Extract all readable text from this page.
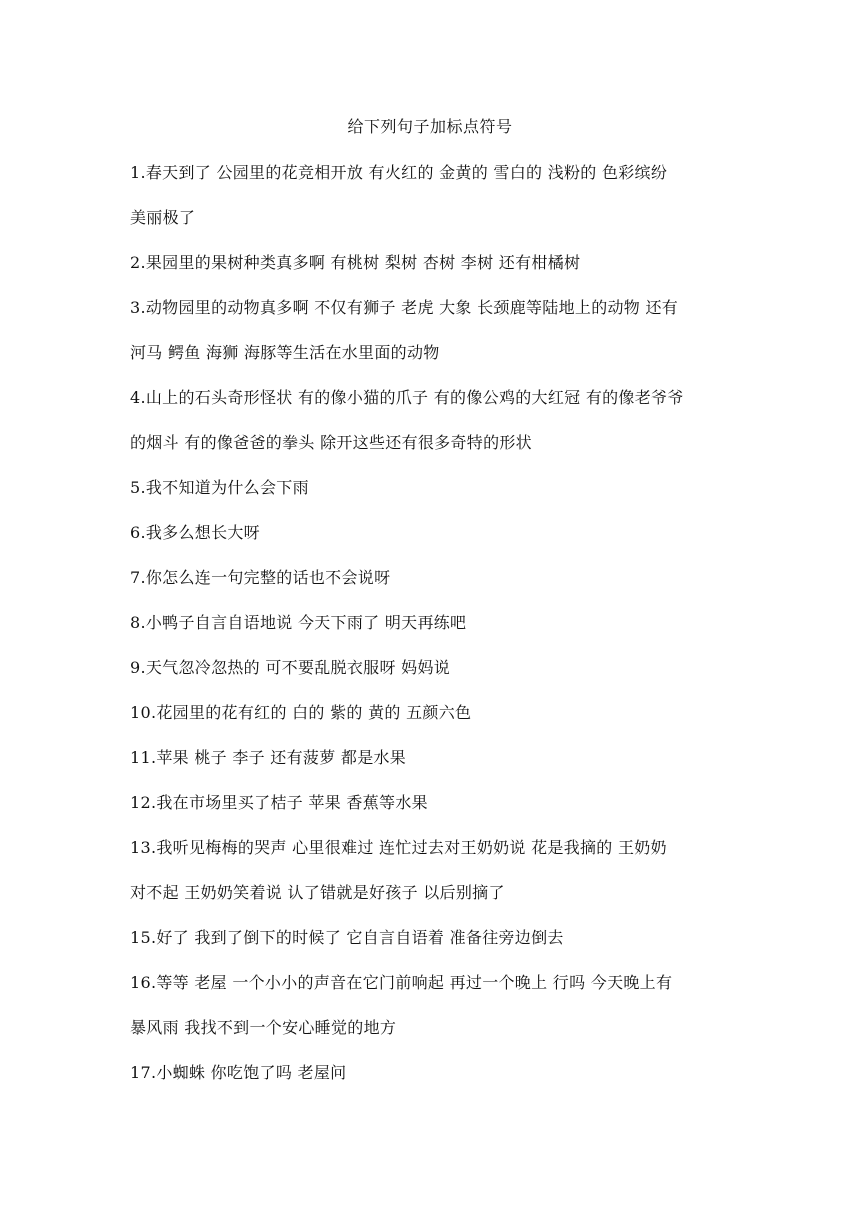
给下列句子加标点符号
1.春天到了 公园里的花竞相开放 有火红的 金黄的 雪白的 浅粉的 色彩缤纷
美丽极了
2.果园里的果树种类真多啊 有桃树 梨树 杏树 李树 还有柑橘树
3.动物园里的动物真多啊 不仅有狮子 老虎 大象 长颈鹿等陆地上的动物 还有
河马 鳄鱼 海狮 海豚等生活在水里面的动物
4.山上的石头奇形怪状 有的像小猫的爪子 有的像公鸡的大红冠 有的像老爷爷
的烟斗 有的像爸爸的拳头 除开这些还有很多奇特的形状
5.我不知道为什么会下雨
6.我多么想长大呀
7.你怎么连一句完整的话也不会说呀
8.小鸭子自言自语地说 今天下雨了 明天再练吧
9.天气忽冷忽热的 可不要乱脱衣服呀 妈妈说
10.花园里的花有红的 白的 紫的 黄的 五颜六色
11.苹果 桃子 李子 还有菠萝 都是水果
12.我在市场里买了桔子 苹果 香蕉等水果
13.我听见梅梅的哭声 心里很难过 连忙过去对王奶奶说 花是我摘的 王奶奶
对不起 王奶奶笑着说 认了错就是好孩子 以后别摘了
15.好了 我到了倒下的时候了 它自言自语着 准备往旁边倒去
16.等等 老屋 一个小小的声音在它门前响起 再过一个晚上 行吗 今天晚上有
暴风雨 我找不到一个安心睡觉的地方
17.小蜘蛛 你吃饱了吗 老屋问
